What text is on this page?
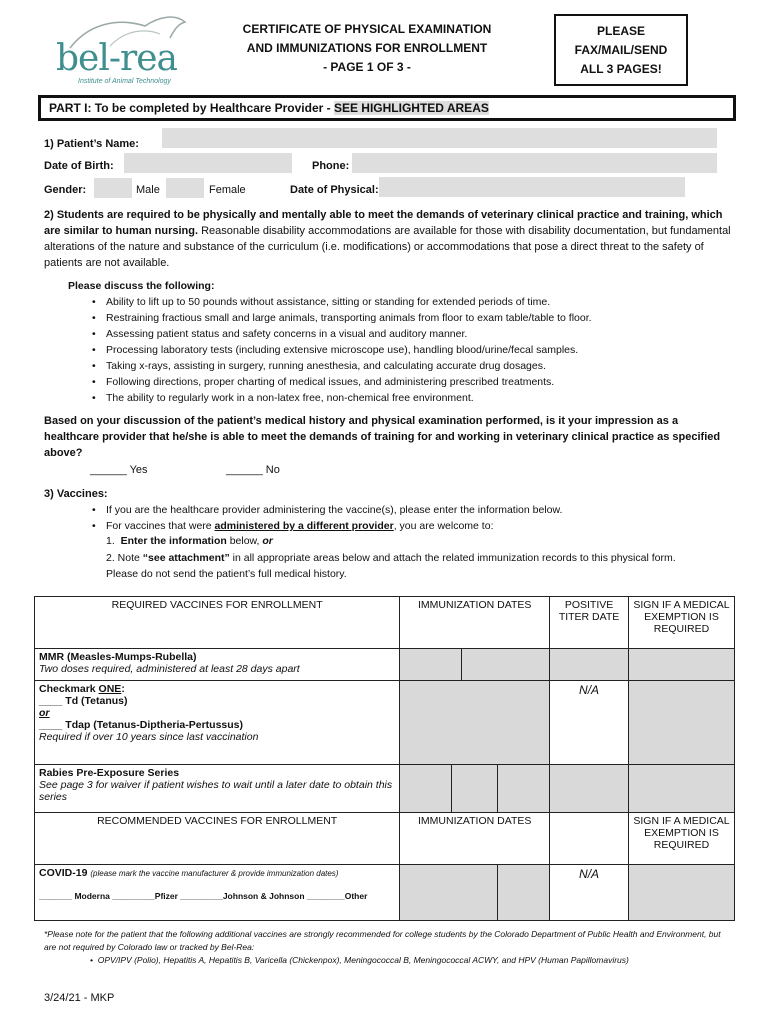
bel-rea
Institute of Animal Technology
CERTIFICATE OF PHYSICAL EXAMINATION
AND IMMUNIZATIONS FOR ENROLLMENT
- PAGE 1 OF 3 -
PLEASE
FAX/MAIL/SEND
ALL 3 PAGES!
PART I: To be completed by Healthcare Provider - SEE HIGHLIGHTED AREAS
1) Patient’s Name:
Date of Birth:	Phone:
Gender:	Male	Female	Date of Physical:
2) Students are required to be physically and mentally able to meet the demands of veterinary clinical practice and training, which are similar to human nursing. Reasonable disability accommodations are available for those with disability documentation, but fundamental alterations of the nature and substance of the curriculum (i.e. modifications) or accommodations that pose a direct threat to the safety of patients are not available.
Please discuss the following:
• Ability to lift up to 50 pounds without assistance, sitting or standing for extended periods of time.
• Restraining fractious small and large animals, transporting animals from floor to exam table/table to floor.
• Assessing patient status and safety concerns in a visual and auditory manner.
• Processing laboratory tests (including extensive microscope use), handling blood/urine/fecal samples.
• Taking x-rays, assisting in surgery, running anesthesia, and calculating accurate drug dosages.
• Following directions, proper charting of medical issues, and administering prescribed treatments.
• The ability to regularly work in a non-latex free, non-chemical free environment.
Based on your discussion of the patient’s medical history and physical examination performed, is it your impression as a healthcare provider that he/she is able to meet the demands of training for and working in veterinary clinical practice as specified above?
______ Yes	______ No
3) Vaccines:
• If you are the healthcare provider administering the vaccine(s), please enter the information below.
• For vaccines that were administered by a different provider, you are welcome to:
1. Enter the information below, or
2. Note “see attachment” in all appropriate areas below and attach the related immunization records to this physical form. Please do not send the patient’s full medical history.
REQUIRED VACCINES FOR ENROLLMENT	IMMUNIZATION DATES				POSITIVE TITER DATE	SIGN IF A MEDICAL EXEMPTION IS REQUIRED

MMR (Measles-Mumps-Rubella)
Two doses required, administered at least 28 days apart						

Checkmark ONE:
____ Td (Tetanus)
or
____ Tdap (Tetanus-Diptheria-Pertussus)
Required if over 10 years since last vaccination					N/A	

Rabies Pre-Exposure Series
See page 3 for waiver if patient wishes to wait until a later date to obtain this series						

RECOMMENDED VACCINES FOR ENROLLMENT	IMMUNIZATION DATES					SIGN IF A MEDICAL EXEMPTION IS REQUIRED

COVID-19 (please mark the vaccine manufacturer & provide immunization dates)
_______ Moderna _________Pfizer _________Johnson & Johnson ________Other					N/A	
*Please note for the patient that the following additional vaccines are strongly recommended for college students by the Colorado Department of Public Health and Environment, but are not required by Colorado law or tracked by Bel-Rea:
•  OPV/IPV (Polio), Hepatitis A, Hepatitis B, Varicella (Chickenpox), Meningococcal B, Meningococcal ACWY, and HPV (Human Papillomavirus)
3/24/21 - MKP
